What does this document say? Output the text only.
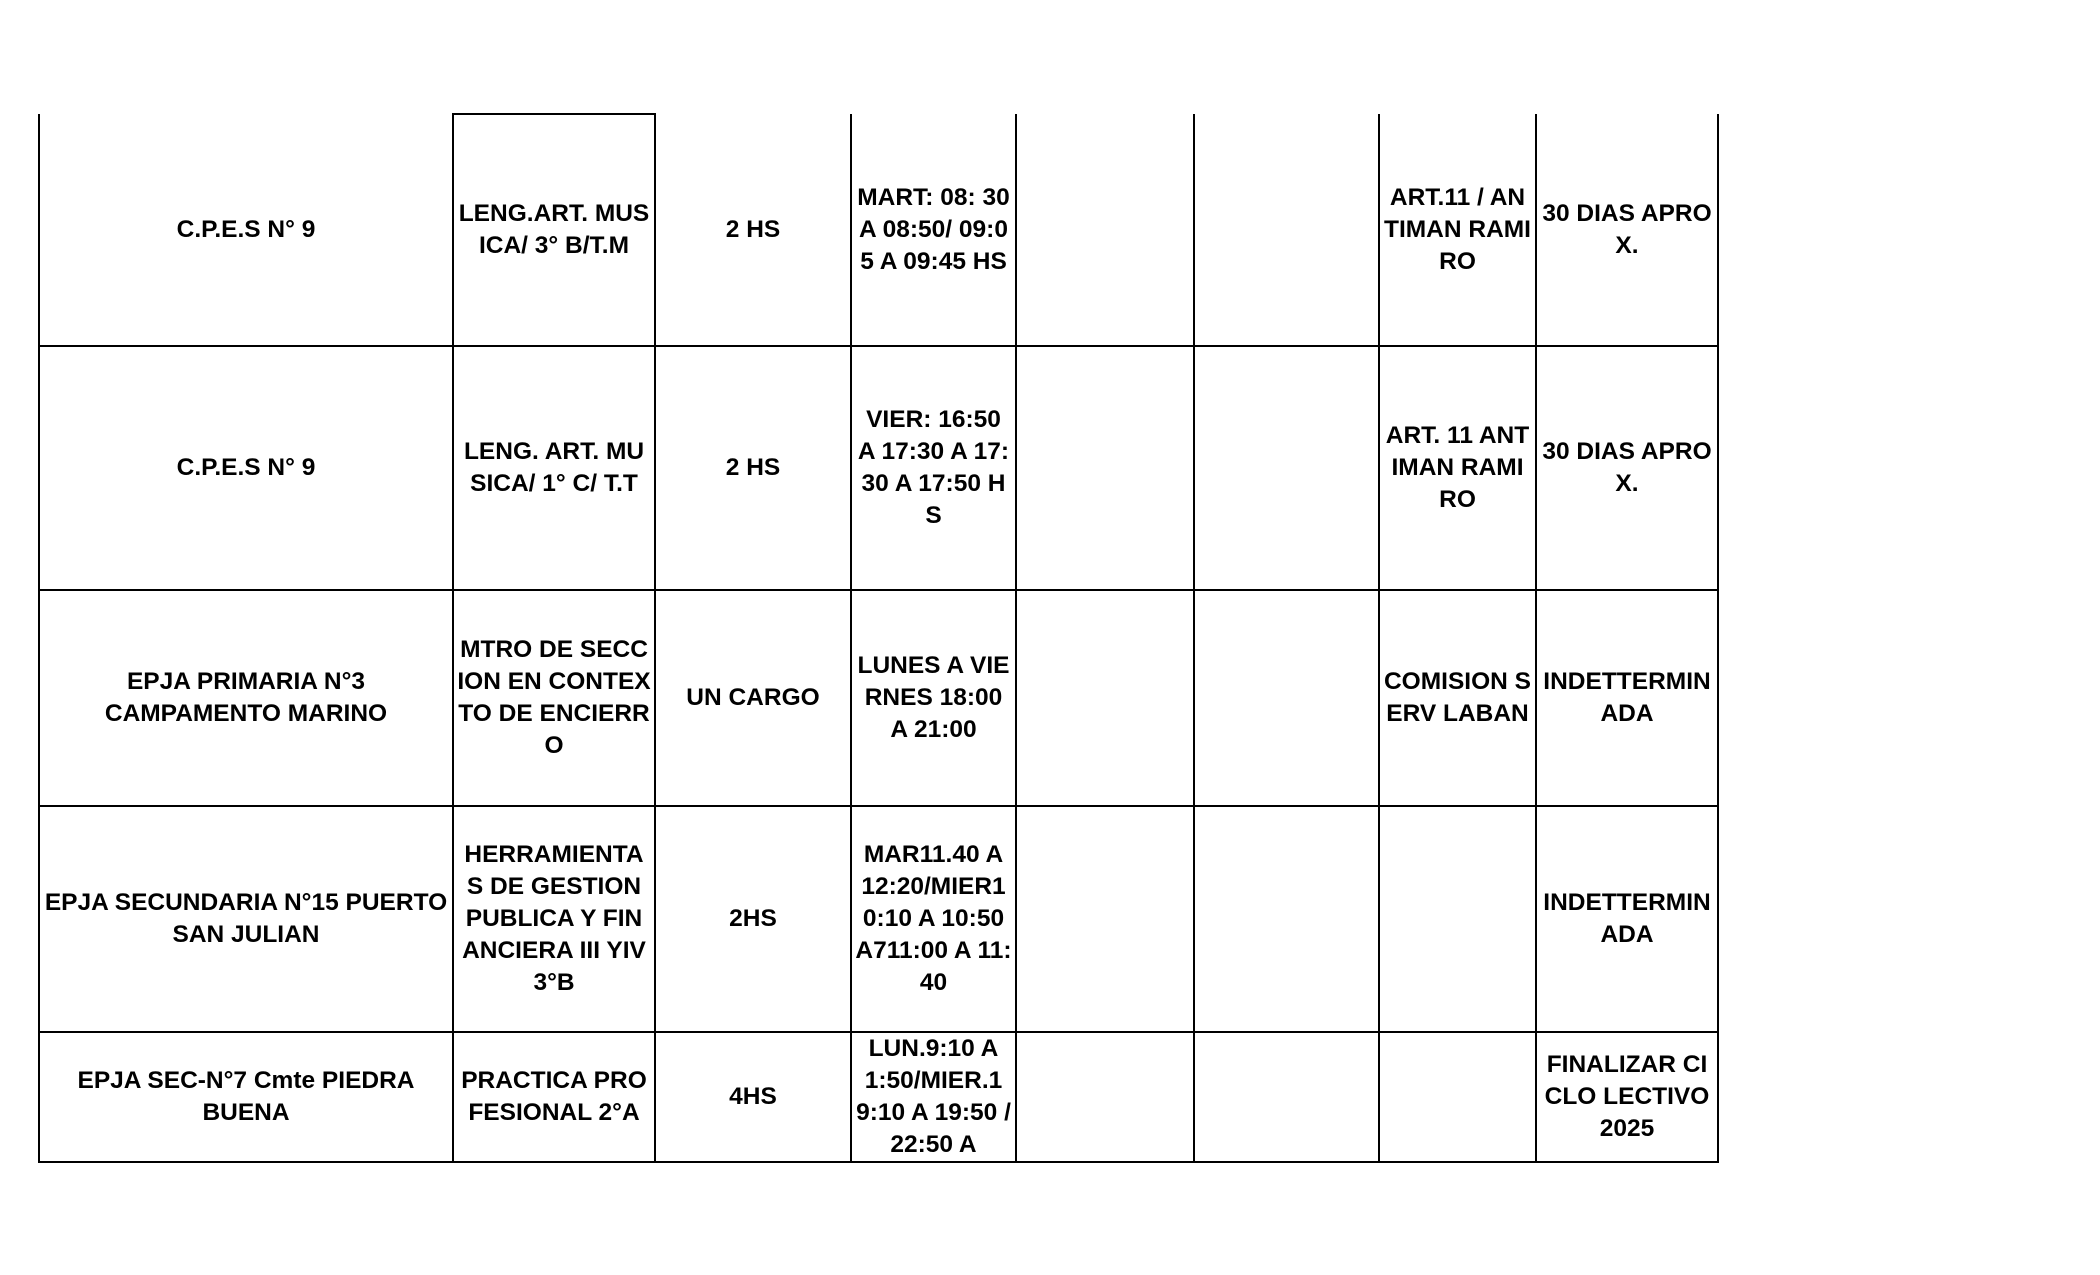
C.P.E.S N° 9	LENG.ART. MUSICA/ 3° B/T.M	2 HS	MART: 08: 30 A 08:50/ 09:05 A 09:45 HS			ART.11 / ANTIMAN RAMIRO	30 DIAS APROX.

C.P.E.S N° 9	LENG. ART. MUSICA/ 1° C/ T.T	2 HS	VIER: 16:50 A 17:30 A 17:30 A 17:50 HS			ART. 11 ANTIMAN RAMIRO	30 DIAS APROX.

EPJA PRIMARIA N°3 CAMPAMENTO MARINO	MTRO DE SECCION EN CONTEXTO DE ENCIERRO	UN CARGO	LUNES A VIERNES 18:00 A 21:00			COMISION SERV LABAN	INDETTERMINADA

EPJA SECUNDARIA N°15 PUERTO SAN JULIAN	HERRAMIENTAS DE GESTION PUBLICA Y FINANCIERA III YIV 3°B	2HS	MAR11.40 A 12:20/MIER10:10 A 10:50 A711:00 A 11:40				INDETTERMINADA

EPJA SEC-N°7 Cmte PIEDRA BUENA	PRACTICA PROFESIONAL 2°A	4HS	LUN.9:10 A 1:50/MIER.19:10 A 19:50 /22:50 A				FINALIZAR CICLO LECTIVO 2025
